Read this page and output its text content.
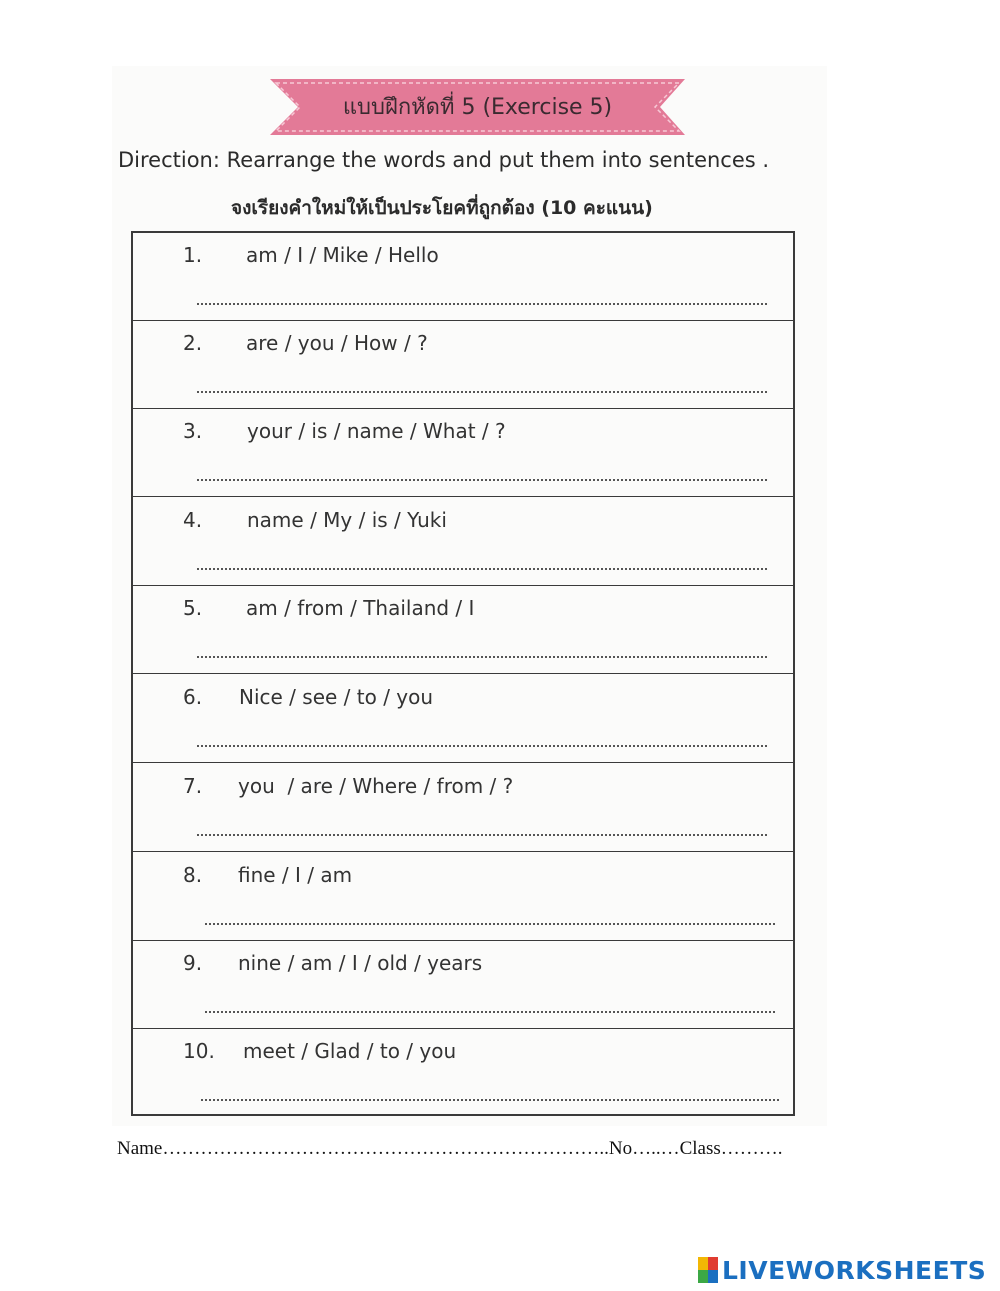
แบบฝึกหัดที่ 5 (Exercise 5)
Direction: Rearrange the words and put them into sentences .
จงเรียงคำใหม่ให้เป็นประโยคที่ถูกต้อง (10 คะแนน)
1. am / I / Mike / Hello
2. are / you / How / ?
3. your / is / name / What / ?
4. name / My / is / Yuki
5. am / from / Thailand / I
6. Nice / see / to / you
7. you  / are / Where / from / ?
8. fine / I / am
9. nine / am / I / old / years
10. meet / Glad / to / you
Name……………………………………………………………..No…..…Class……….
LIVEWORKSHEETS
